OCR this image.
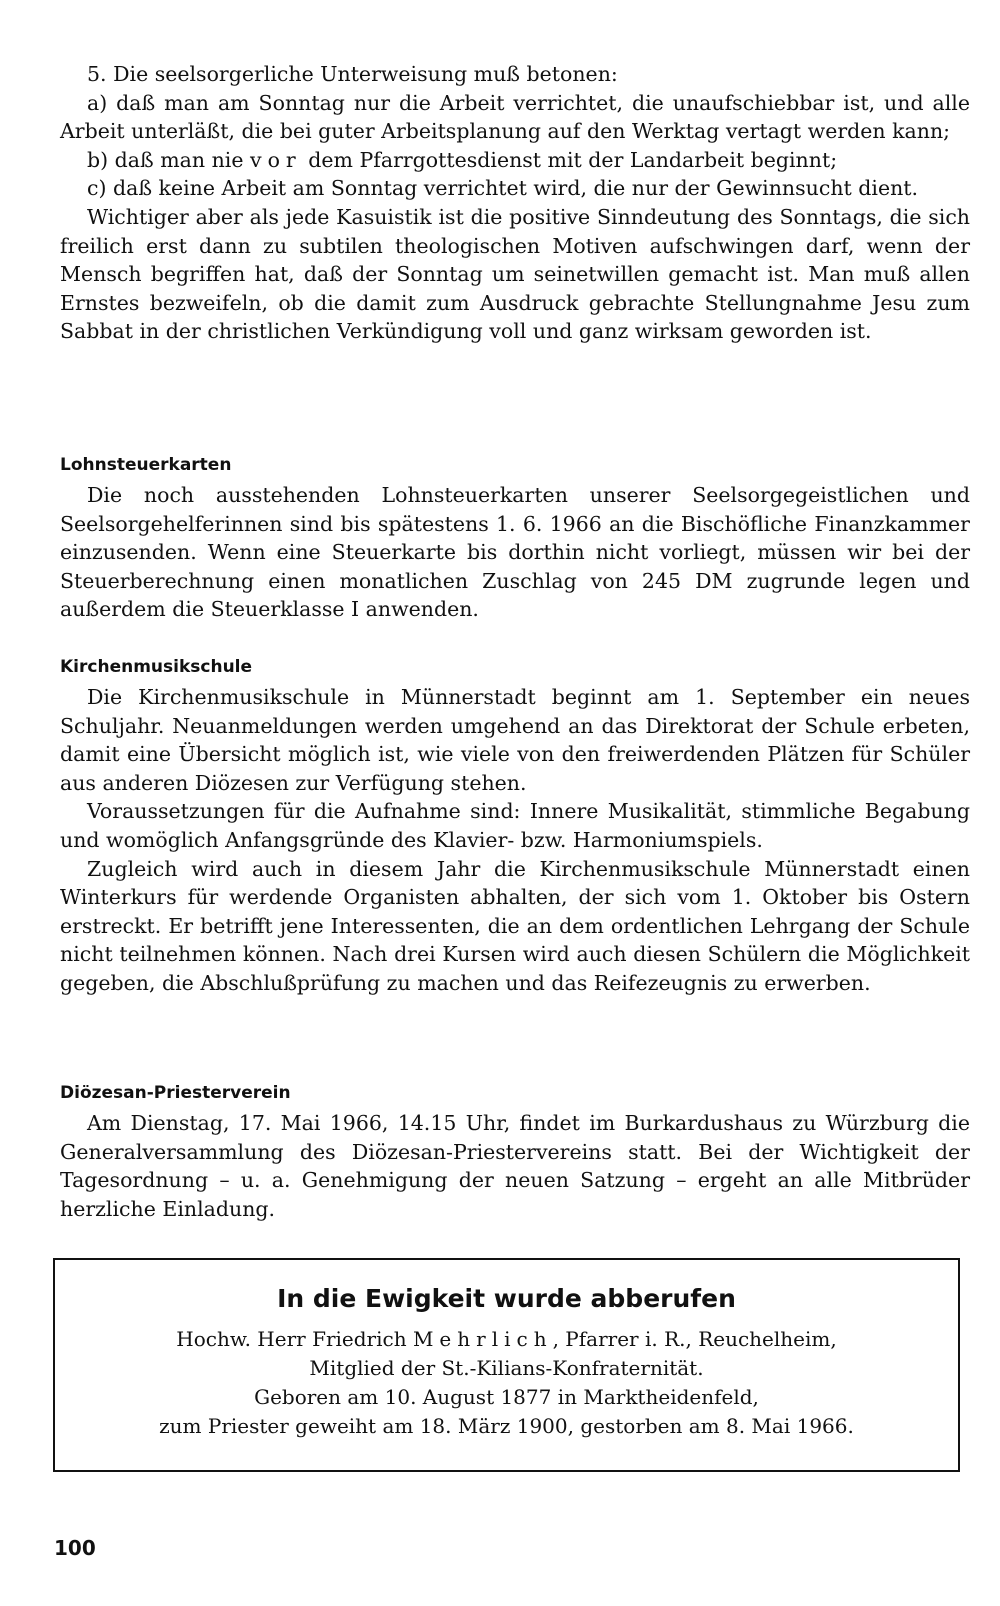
5. Die seelsorgerliche Unterweisung muß betonen:

a) daß man am Sonntag nur die Arbeit verrichtet, die unaufschiebbar ist, und alle Arbeit unterläßt, die bei guter Arbeitsplanung auf den Werktag vertagt werden kann;

b) daß man nie vor dem Pfarrgottesdienst mit der Landarbeit beginnt;

c) daß keine Arbeit am Sonntag verrichtet wird, die nur der Gewinnsucht dient.

Wichtiger aber als jede Kasuistik ist die positive Sinndeutung des Sonntags, die sich freilich erst dann zu subtilen theologischen Motiven aufschwingen darf, wenn der Mensch begriffen hat, daß der Sonntag um seinetwillen gemacht ist. Man muß allen Ernstes bezweifeln, ob die damit zum Ausdruck gebrachte Stellungnahme Jesu zum Sabbat in der christlichen Verkündigung voll und ganz wirksam geworden ist.

Lohnsteuerkarten

Die noch ausstehenden Lohnsteuerkarten unserer Seelsorgegeistlichen und Seelsorgehelferinnen sind bis spätestens 1. 6. 1966 an die Bischöfliche Finanzkammer einzusenden. Wenn eine Steuerkarte bis dorthin nicht vorliegt, müssen wir bei der Steuerberechnung einen monatlichen Zuschlag von 245 DM zugrunde legen und außerdem die Steuerklasse I anwenden.

Kirchenmusikschule

Die Kirchenmusikschule in Münnerstadt beginnt am 1. September ein neues Schuljahr. Neuanmeldungen werden umgehend an das Direktorat der Schule erbeten, damit eine Übersicht möglich ist, wie viele von den freiwerdenden Plätzen für Schüler aus anderen Diözesen zur Verfügung stehen.

Voraussetzungen für die Aufnahme sind: Innere Musikalität, stimmliche Begabung und womöglich Anfangsgründe des Klavier- bzw. Harmoniumspiels.

Zugleich wird auch in diesem Jahr die Kirchenmusikschule Münnerstadt einen Winterkurs für werdende Organisten abhalten, der sich vom 1. Oktober bis Ostern erstreckt. Er betrifft jene Interessenten, die an dem ordentlichen Lehrgang der Schule nicht teilnehmen können. Nach drei Kursen wird auch diesen Schülern die Möglichkeit gegeben, die Abschlußprüfung zu machen und das Reifezeugnis zu erwerben.

Diözesan-Priesterverein

Am Dienstag, 17. Mai 1966, 14.15 Uhr, findet im Burkardushaus zu Würzburg die Generalversammlung des Diözesan-Priestervereins statt. Bei der Wichtigkeit der Tagesordnung – u. a. Genehmigung der neuen Satzung – ergeht an alle Mitbrüder herzliche Einladung.

In die Ewigkeit wurde abberufen

Hochw. Herr Friedrich Mehrlich, Pfarrer i. R., Reuchelheim,

Mitglied der St.-Kilians-Konfraternität.

Geboren am 10. August 1877 in Marktheidenfeld,

zum Priester geweiht am 18. März 1900, gestorben am 8. Mai 1966.

100
